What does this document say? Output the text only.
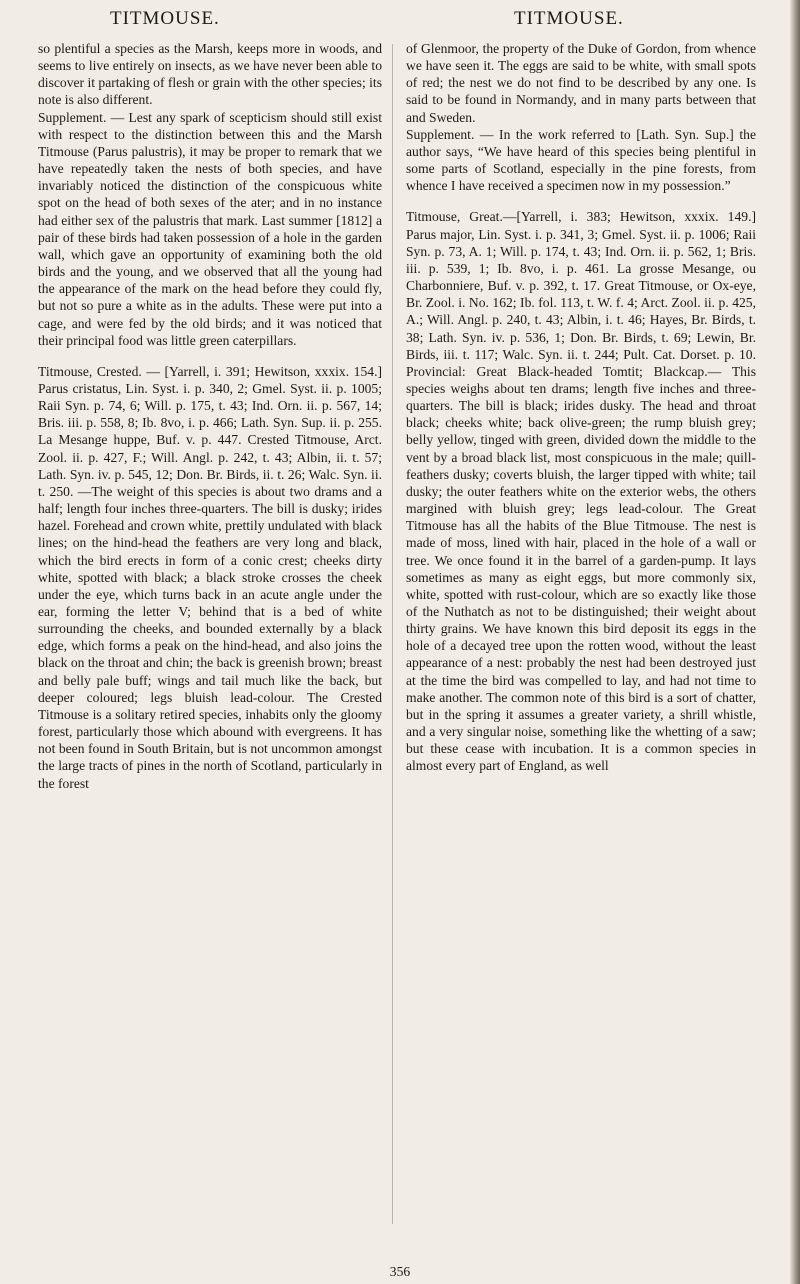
TITMOUSE.	TITMOUSE.

so plentiful a species as the Marsh, keeps more in woods, and seems to live entirely on insects, as we have never been able to discover it partaking of flesh or grain with the other species; its note is also different.

Supplement. — Lest any spark of scepticism should still exist with respect to the distinction between this and the Marsh Titmouse (Parus palustris), it may be proper to remark that we have repeatedly taken the nests of both species, and have invariably noticed the distinction of the conspicuous white spot on the head of both sexes of the ater; and in no instance had either sex of the palustris that mark. Last summer [1812] a pair of these birds had taken possession of a hole in the garden wall, which gave an opportunity of examining both the old birds and the young, and we observed that all the young had the appearance of the mark on the head before they could fly, but not so pure a white as in the adults. These were put into a cage, and were fed by the old birds; and it was noticed that their principal food was little green caterpillars.

Titmouse, Crested. — [Yarrell, i. 391; Hewitson, xxxix. 154.] Parus cristatus, Lin. Syst. i. p. 340, 2; Gmel. Syst. ii. p. 1005; Raii Syn. p. 74, 6; Will. p. 175, t. 43; Ind. Orn. ii. p. 567, 14; Bris. iii. p. 558, 8; Ib. 8vo, i. p. 466; Lath. Syn. Sup. ii. p. 255. La Mesange huppe, Buf. v. p. 447. Crested Titmouse, Arct. Zool. ii. p. 427, F.; Will. Angl. p. 242, t. 43; Albin, ii. t. 57; Lath. Syn. iv. p. 545, 12; Don. Br. Birds, ii. t. 26; Walc. Syn. ii. t. 250. —The weight of this species is about two drams and a half; length four inches three-quarters. The bill is dusky; irides hazel. Forehead and crown white, prettily undulated with black lines; on the hind-head the feathers are very long and black, which the bird erects in form of a conic crest; cheeks dirty white, spotted with black; a black stroke crosses the cheek under the eye, which turns back in an acute angle under the ear, forming the letter V; behind that is a bed of white surrounding the cheeks, and bounded externally by a black edge, which forms a peak on the hind-head, and also joins the black on the throat and chin; the back is greenish brown; breast and belly pale buff; wings and tail much like the back, but deeper coloured; legs bluish lead-colour. The Crested Titmouse is a solitary retired species, inhabits only the gloomy forest, particularly those which abound with evergreens. It has not been found in South Britain, but is not uncommon amongst the large tracts of pines in the north of Scotland, particularly in the forest

of Glenmoor, the property of the Duke of Gordon, from whence we have seen it. The eggs are said to be white, with small spots of red; the nest we do not find to be described by any one. Is said to be found in Normandy, and in many parts between that and Sweden.

Supplement. — In the work referred to [Lath. Syn. Sup.] the author says, “We have heard of this species being plentiful in some parts of Scotland, especially in the pine forests, from whence I have received a specimen now in my possession.”

Titmouse, Great.—[Yarrell, i. 383; Hewitson, xxxix. 149.] Parus major, Lin. Syst. i. p. 341, 3; Gmel. Syst. ii. p. 1006; Raii Syn. p. 73, A. 1; Will. p. 174, t. 43; Ind. Orn. ii. p. 562, 1; Bris. iii. p. 539, 1; Ib. 8vo, i. p. 461. La grosse Mesange, ou Charbonniere, Buf. v. p. 392, t. 17. Great Titmouse, or Ox-eye, Br. Zool. i. No. 162; Ib. fol. 113, t. W. f. 4; Arct. Zool. ii. p. 425, A.; Will. Angl. p. 240, t. 43; Albin, i. t. 46; Hayes, Br. Birds, t. 38; Lath. Syn. iv. p. 536, 1; Don. Br. Birds, t. 69; Lewin, Br. Birds, iii. t. 117; Walc. Syn. ii. t. 244; Pult. Cat. Dorset. p. 10. Provincial: Great Black-headed Tomtit; Blackcap.— This species weighs about ten drams; length five inches and three-quarters. The bill is black; irides dusky. The head and throat black; cheeks white; back olive-green; the rump bluish grey; belly yellow, tinged with green, divided down the middle to the vent by a broad black list, most conspicuous in the male; quill-feathers dusky; coverts bluish, the larger tipped with white; tail dusky; the outer feathers white on the exterior webs, the others margined with bluish grey; legs lead-colour. The Great Titmouse has all the habits of the Blue Titmouse. The nest is made of moss, lined with hair, placed in the hole of a wall or tree. We once found it in the barrel of a garden-pump. It lays sometimes as many as eight eggs, but more commonly six, white, spotted with rust-colour, which are so exactly like those of the Nuthatch as not to be distinguished; their weight about thirty grains. We have known this bird deposit its eggs in the hole of a decayed tree upon the rotten wood, without the least appearance of a nest: probably the nest had been destroyed just at the time the bird was compelled to lay, and had not time to make another. The common note of this bird is a sort of chatter, but in the spring it assumes a greater variety, a shrill whistle, and a very singular noise, something like the whetting of a saw; but these cease with incubation. It is a common species in almost every part of England, as well

356
